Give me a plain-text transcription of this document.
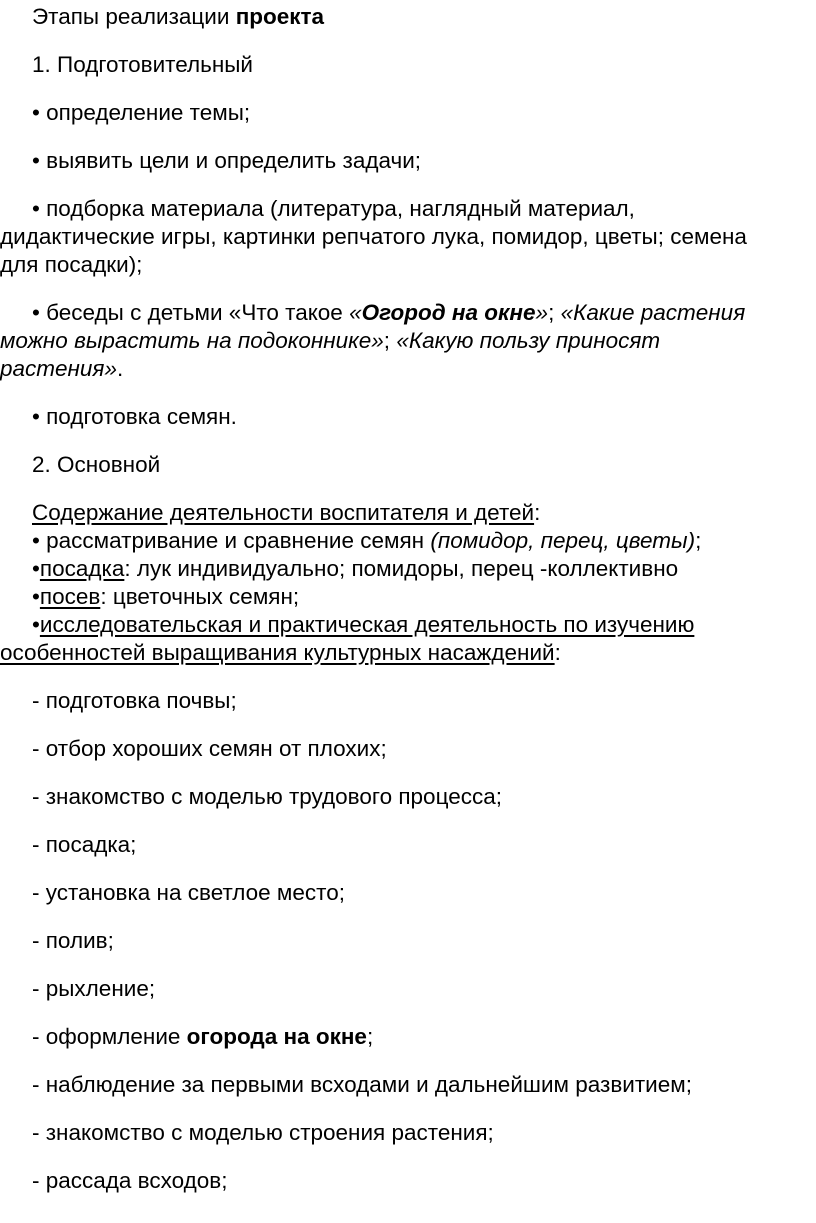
Этапы реализации проекта
1. Подготовительный
• определение темы;
• выявить цели и определить задачи;
• подборка материала (литература, наглядный материал,
дидактические игры, картинки репчатого лука, помидор, цветы; семена
для посадки);
• беседы с детьми «Что такое «Огород на окне»; «Какие растения
можно вырастить на подоконнике»; «Какую пользу приносят
растения».
• подготовка семян.
2. Основной
Содержание деятельности воспитателя и детей:
• рассматривание и сравнение семян (помидор, перец, цветы);
•посадка: лук индивидуально; помидоры, перец -коллективно
•посев: цветочных семян;
•исследовательская и практическая деятельность по изучению
особенностей выращивания культурных насаждений:
- подготовка почвы;
- отбор хороших семян от плохих;
- знакомство с моделью трудового процесса;
- посадка;
- установка на светлое место;
- полив;
- рыхление;
- оформление огорода на окне;
- наблюдение за первыми всходами и дальнейшим развитием;
- знакомство с моделью строения растения;
- рассада всходов;
